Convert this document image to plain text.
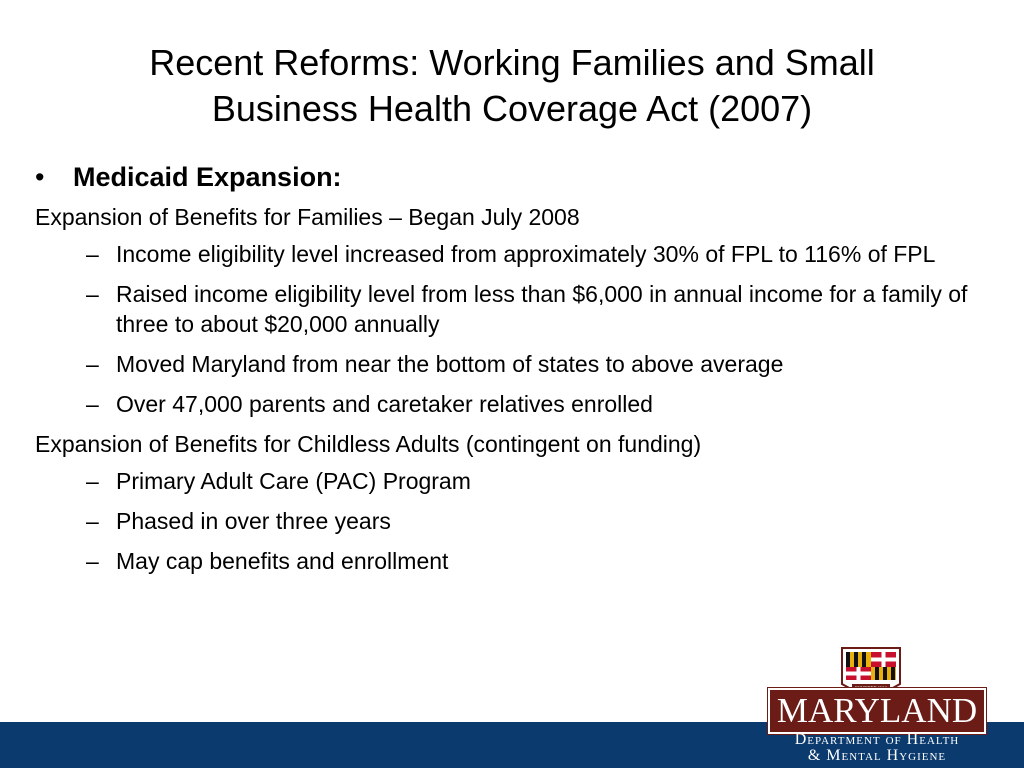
Recent Reforms: Working Families and Small
Business Health Coverage Act (2007)
• Medicaid Expansion:
Expansion of Benefits for Families – Began July 2008
– Income eligibility level increased from approximately 30% of FPL to 116% of FPL
– Raised income eligibility level from less than $6,000 in annual income for a family of three to about $20,000 annually
– Moved Maryland from near the bottom of states to above average
– Over 47,000 parents and caretaker relatives enrolled
Expansion of Benefits for Childless Adults (contingent on funding)
– Primary Adult Care (PAC) Program
– Phased in over three years
– May cap benefits and enrollment
MARYLAND
Department of Health
& Mental Hygiene
